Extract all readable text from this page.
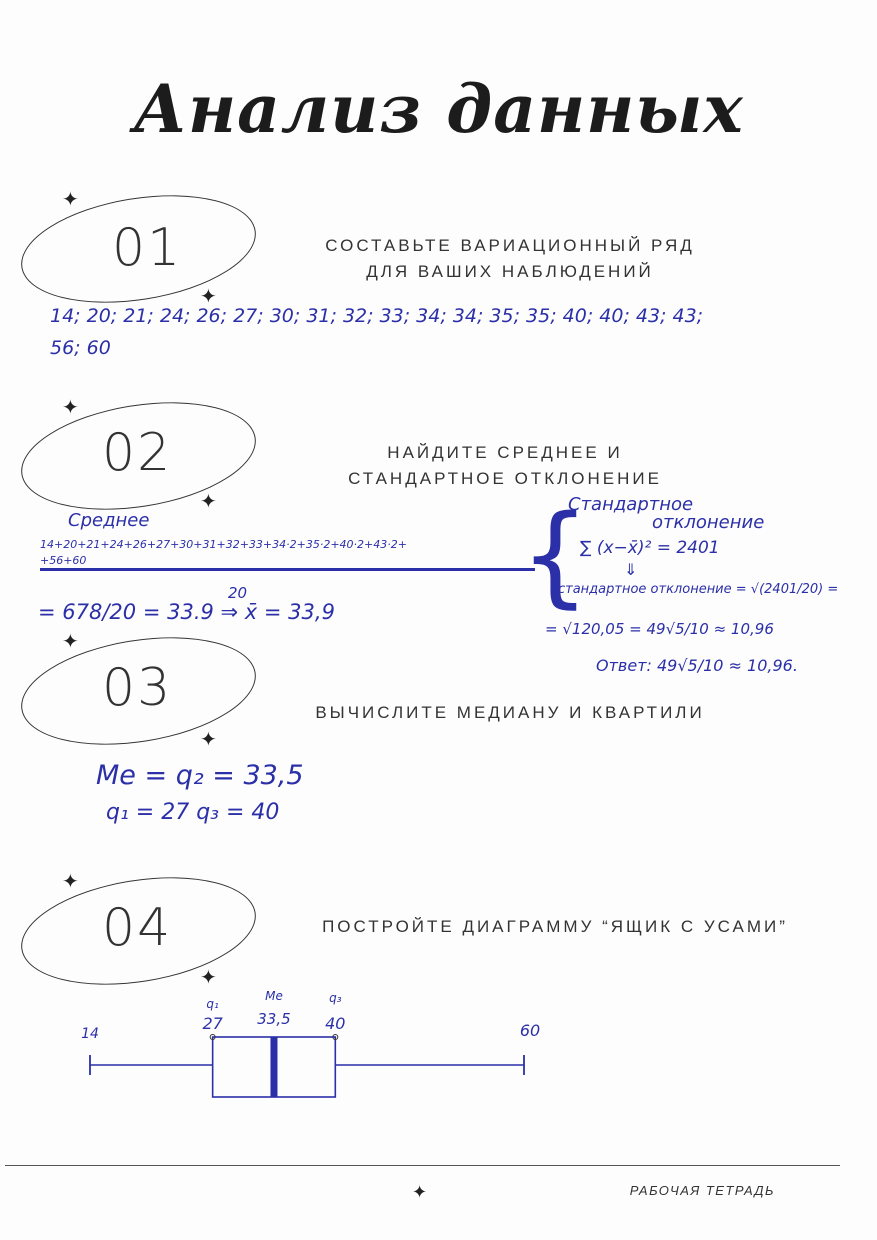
Анализ данных
✦
✦
01	СОСТАВЬТЕ ВАРИАЦИОННЫЙ РЯД
ДЛЯ ВАШИХ НАБЛЮДЕНИЙ
14; 20; 21; 24; 26; 27; 30; 31; 32; 33; 34; 34; 35; 35; 40; 40; 43; 43;
56; 60
✦
✦
02	НАЙДИТЕ СРЕДНЕЕ И
СТАНДАРТНОЕ ОТКЛОНЕНИЕ
Среднее
14+20+21+24+26+27+30+31+32+33+34·2+35·2+40·2+43·2+
+56+60
20
= 678/20 = 33.9 ⇒ x̄ = 33,9 {
Стандартное
отклонение
∑ (x−x̄)² = 2401
⇓
стандартное отклонение = √(2401/20) =
= √120,05 = 49√5/10 ≈ 10,96
Ответ: 49√5/10 ≈ 10,96.
✦
✦
03	ВЫЧИСЛИТЕ МЕДИАНУ И КВАРТИЛИ
Me = q₂ = 33,5
q₁ = 27 q₃ = 40
✦
✦
04	ПОСТРОЙТЕ ДИАГРАММУ “ЯЩИК С УСАМИ”
14
q₁
27
Me
33,5
q₃
40	60
✦	РАБОЧАЯ ТЕТРАДЬ
